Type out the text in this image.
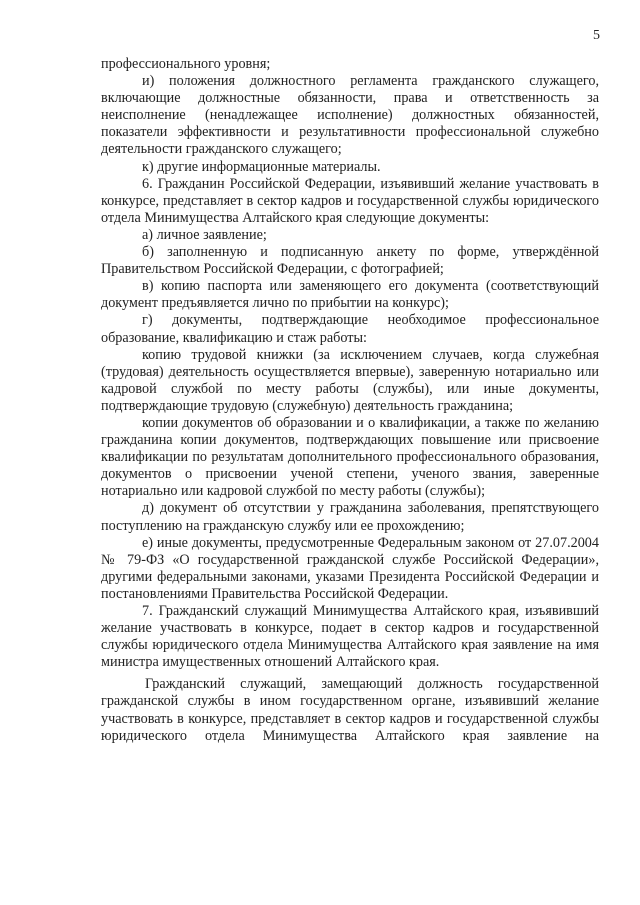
5

профессионального уровня;

и) положения должностного регламента гражданского служащего, включающие должностные обязанности, права и ответственность за неисполнение (ненадлежащее исполнение) должностных обязанностей, показатели эффективности и результативности профессиональной служебно деятельности гражданского служащего;

к) другие информационные материалы.

6. Гражданин Российской Федерации, изъявивший желание участвовать в конкурсе, представляет в сектор кадров и государственной службы юридического отдела Минимущества Алтайского края следующие документы:

а) личное заявление;

б) заполненную и подписанную анкету по форме, утверждённой Правительством Российской Федерации, с фотографией;

в) копию паспорта или заменяющего его документа (соответствующий документ предъявляется лично по прибытии на конкурс);

г) документы, подтверждающие необходимое профессиональное образование, квалификацию и стаж работы:

копию трудовой книжки (за исключением случаев, когда служебная (трудовая) деятельность осуществляется впервые), заверенную нотариально или кадровой службой по месту работы (службы), или иные документы, подтверждающие трудовую (служебную) деятельность гражданина;

копии документов об образовании и о квалификации, а также по желанию гражданина копии документов, подтверждающих повышение или присвоение квалификации по результатам дополнительного профессионального образования, документов о присвоении ученой степени, ученого звания, заверенные нотариально или кадровой службой по месту работы (службы);

д) документ об отсутствии у гражданина заболевания, препятствующего поступлению на гражданскую службу или ее прохождению;

е) иные документы, предусмотренные Федеральным законом от 27.07.2004 № 79-ФЗ «О государственной гражданской службе Российской Федерации», другими федеральными законами, указами Президента Российской Федерации и постановлениями Правительства Российской Федерации.

7. Гражданский служащий Минимущества Алтайского края, изъявивший желание участвовать в конкурсе, подает в сектор кадров и государственной службы юридического отдела Минимущества Алтайского края заявление на имя министра имущественных отношений Алтайского края.

Гражданский служащий, замещающий должность государственной гражданской службы в ином государственном органе, изъявивший желание участвовать в конкурсе, представляет в сектор кадров и государственной службы юридического отдела Минимущества Алтайского края заявление на
